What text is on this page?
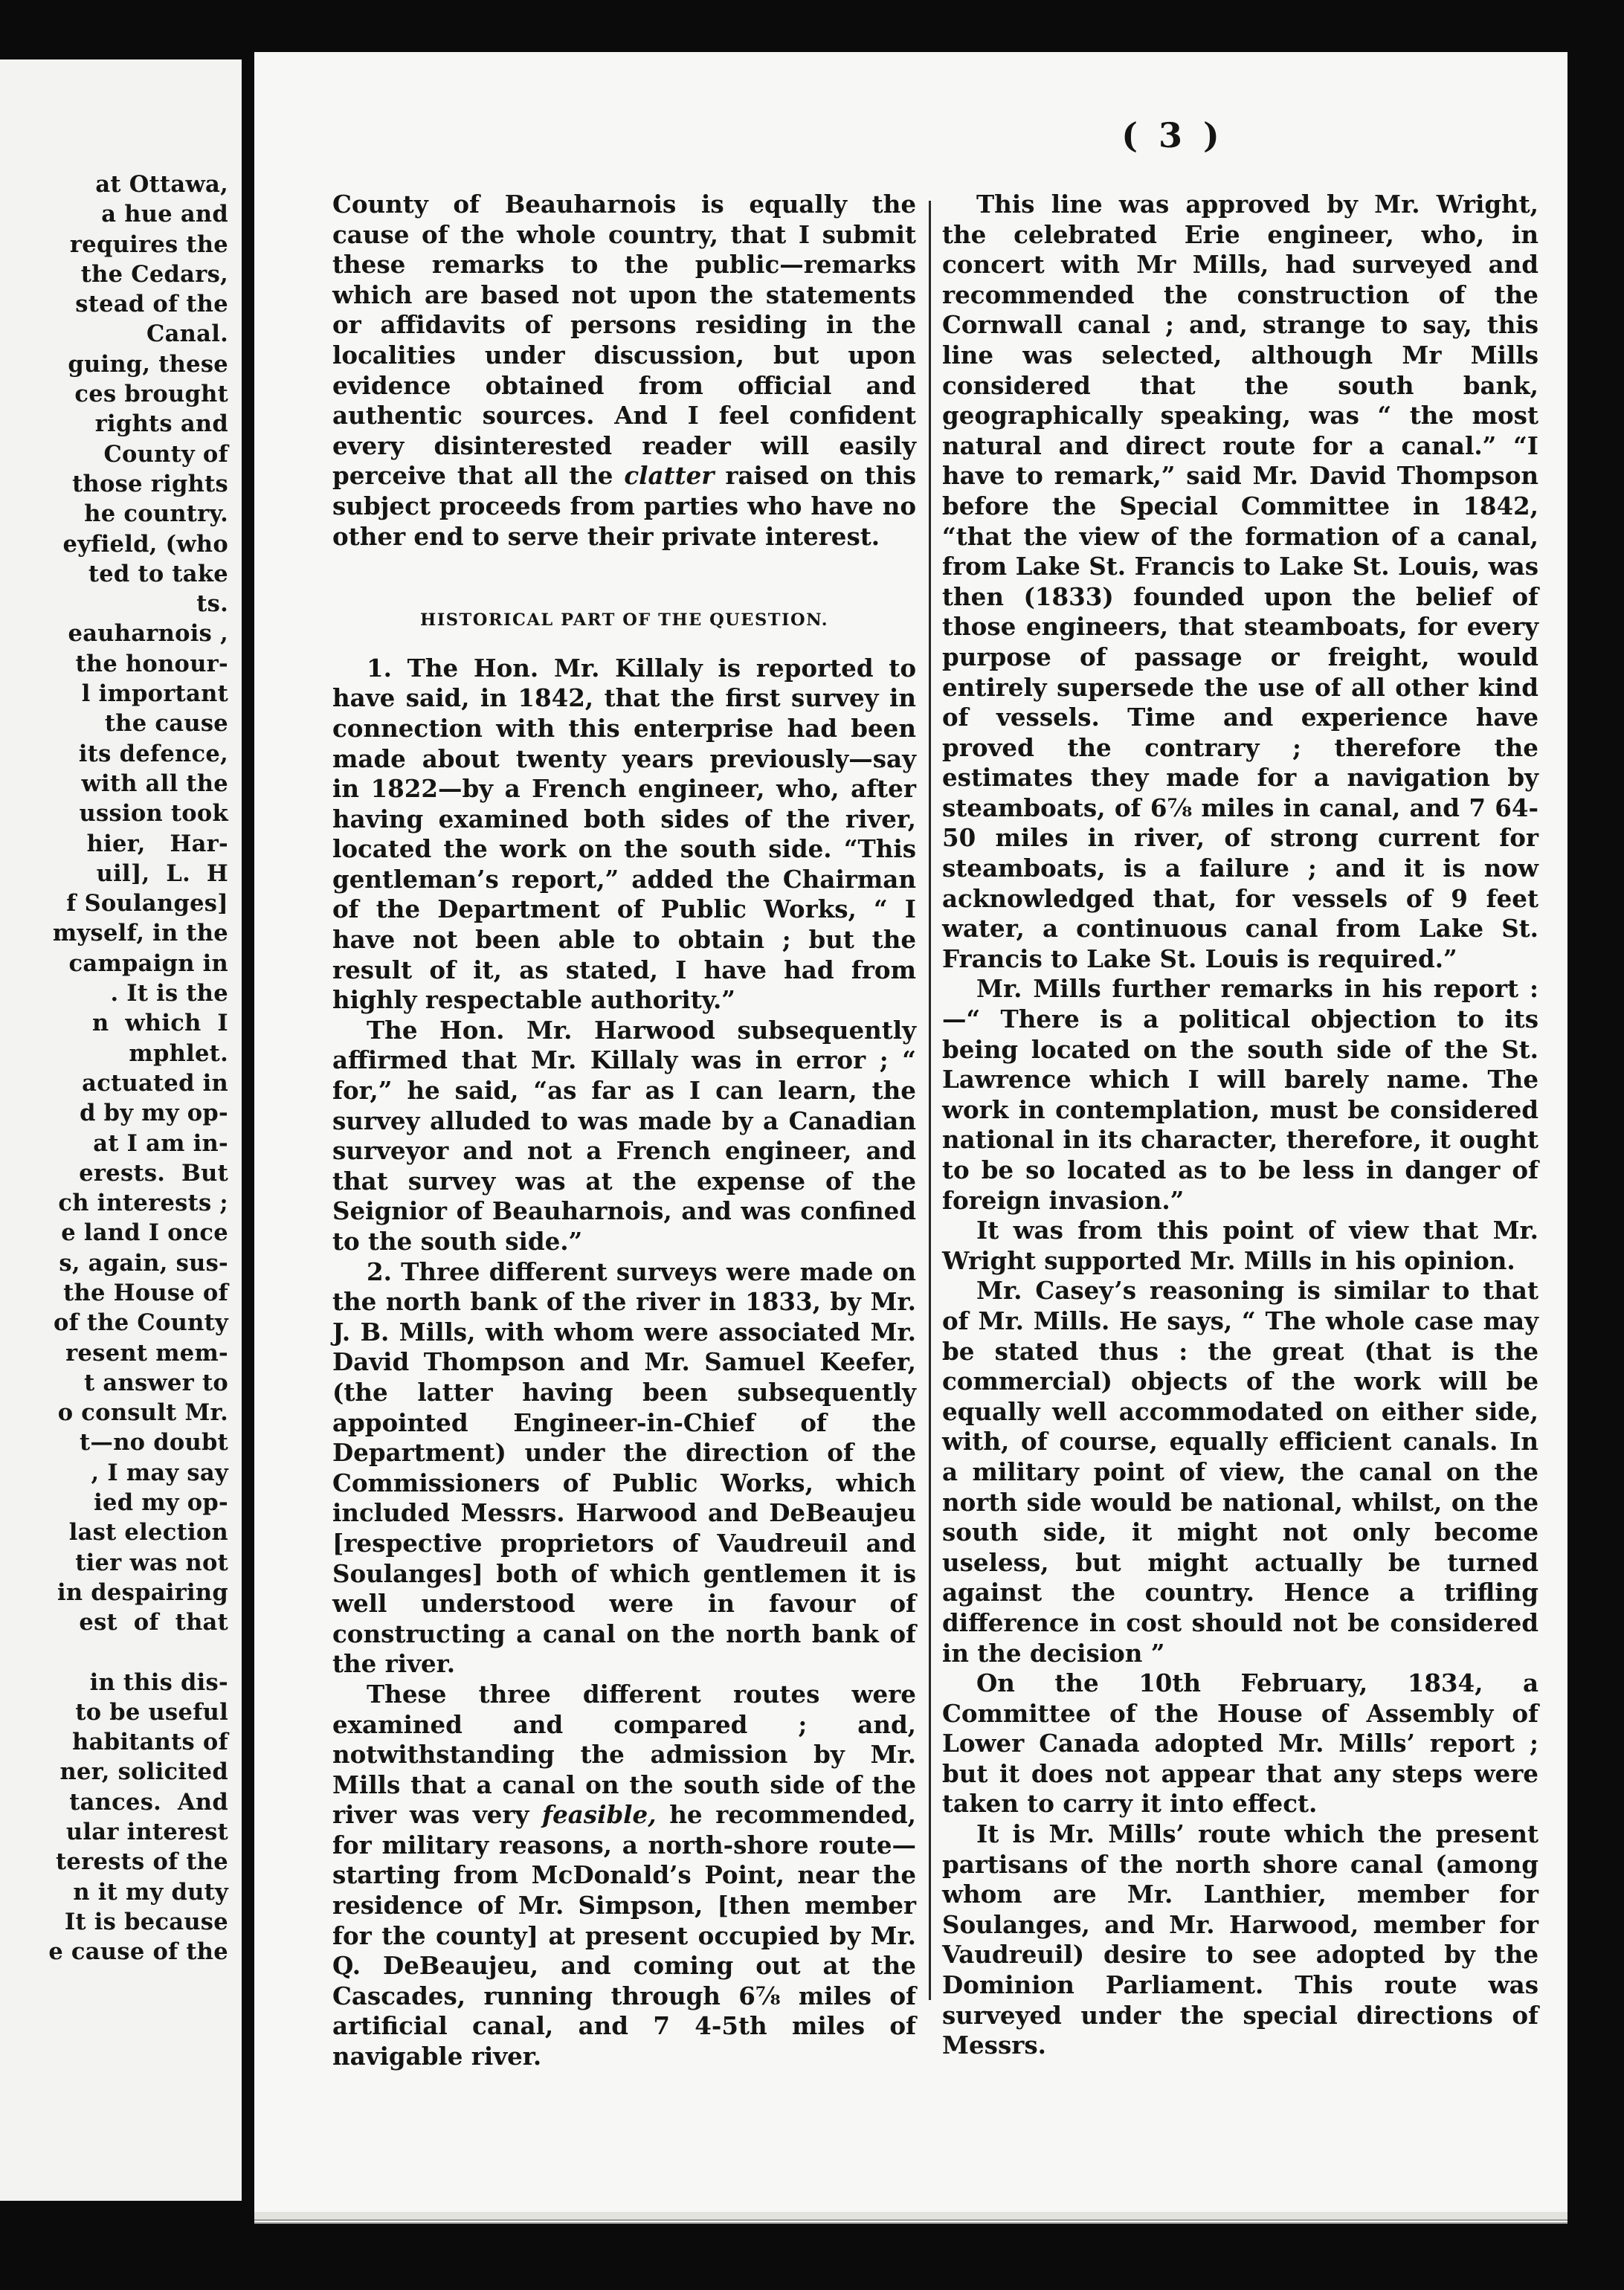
at Ottawa,
a hue and
requires the
the Cedars,
stead of the
Canal.
guing, these
ces brought
rights and
County of
those rights
he country.
eyfield, (who
ted to take
ts.
eauharnois ,
the honour-
l important
the cause
its defence,
with all the
ussion took
hier,   Har-
uil],  L.  H
f Soulanges]
myself, in the
campaign in
. It is the
n  which  I
mphlet.
actuated in
d by my op-
at I am in-
erests.  But
ch interests ;
e land I once
s, again, sus-
the House of
of the County
resent mem-
t answer to
o consult Mr.
t—no doubt
, I may say
ied my op-
last election
tier was not
in despairing
est  of  that
in this dis-
to be useful
habitants of
ner, solicited
tances.  And
ular interest
terests of the
n it my duty
It is because
e cause of the
( 3 )

County of Beauharnois is equally the cause of the whole country, that I submit these remarks to the public—remarks which are based not upon the statements or affidavits of persons residing in the localities under discussion, but upon evidence obtained from official and authentic sources. And I feel confident every disinterested reader will easily perceive that all the clatter raised on this subject proceeds from parties who have no other end to serve their private interest.

HISTORICAL PART OF THE QUESTION.

1. The Hon. Mr. Killaly is reported to have said, in 1842, that the first survey in connection with this enterprise had been made about twenty years previously—say in 1822—by a French engineer, who, after having examined both sides of the river, located the work on the south side. “This gentleman’s report,” added the Chairman of the Department of Public Works, “ I have not been able to obtain ; but the result of it, as stated, I have had from highly respectable authority.”

The Hon. Mr. Harwood subsequently affirmed that Mr. Killaly was in error ; “ for,” he said, “as far as I can learn, the survey alluded to was made by a Canadian surveyor and not a French engineer, and that survey was at the expense of the Seignior of Beauharnois, and was confined to the south side.”

2. Three different surveys were made on the north bank of the river in 1833, by Mr. J. B. Mills, with whom were associated Mr. David Thompson and Mr. Samuel Keefer, (the latter having been subsequently appointed Engineer-in-Chief of the Department) under the direction of the Commissioners of Public Works, which included Messrs. Harwood and DeBeaujeu [respective proprietors of Vaudreuil and Soulanges] both of which gentlemen it is well understood were in favour of constructing a canal on the north bank of the river.

These three different routes were examined and compared ; and, notwithstanding the admission by Mr. Mills that a canal on the south side of the river was very feasible, he recommended, for military reasons, a north-shore route—starting from McDonald’s Point, near the residence of Mr. Simpson, [then member for the county] at present occupied by Mr. Q. DeBeaujeu, and coming out at the Cascades, running through 6⅞ miles of artificial canal, and 7 4-5th miles of navigable river.

This line was approved by Mr. Wright, the celebrated Erie engineer, who, in concert with Mr Mills, had surveyed and recommended the construction of the Cornwall canal ; and, strange to say, this line was selected, although Mr Mills considered that the south bank, geographically speaking, was “ the most natural and direct route for a canal.” “I have to remark,” said Mr. David Thompson before the Special Committee in 1842, “that the view of the formation of a canal, from Lake St. Francis to Lake St. Louis, was then (1833) founded upon the belief of those engineers, that steamboats, for every purpose of passage or freight, would entirely supersede the use of all other kind of vessels. Time and experience have proved the contrary ; therefore the estimates they made for a navigation by steamboats, of 6⅞ miles in canal, and 7 64-50 miles in river, of strong current for steamboats, is a failure ; and it is now acknowledged that, for vessels of 9 feet water, a continuous canal from Lake St. Francis to Lake St. Louis is required.”

Mr. Mills further remarks in his report : —“ There is a political objection to its being located on the south side of the St. Lawrence which I will barely name. The work in contemplation, must be considered national in its character, therefore, it ought to be so located as to be less in danger of foreign invasion.”

It was from this point of view that Mr. Wright supported Mr. Mills in his opinion.

Mr. Casey’s reasoning is similar to that of Mr. Mills. He says, “ The whole case may be stated thus : the great (that is the commercial) objects of the work will be equally well accommodated on either side, with, of course, equally efficient canals. In a military point of view, the canal on the north side would be national, whilst, on the south side, it might not only become useless, but might actually be turned against the country. Hence a trifling difference in cost should not be considered in the decision ”

On the 10th February, 1834, a Committee of the House of Assembly of Lower Canada adopted Mr. Mills’ report ; but it does not appear that any steps were taken to carry it into effect.

It is Mr. Mills’ route which the present partisans of the north shore canal (among whom are Mr. Lanthier, member for Soulanges, and Mr. Harwood, member for Vaudreuil) desire to see adopted by the Dominion Parliament. This route was surveyed under the special directions of Messrs.
